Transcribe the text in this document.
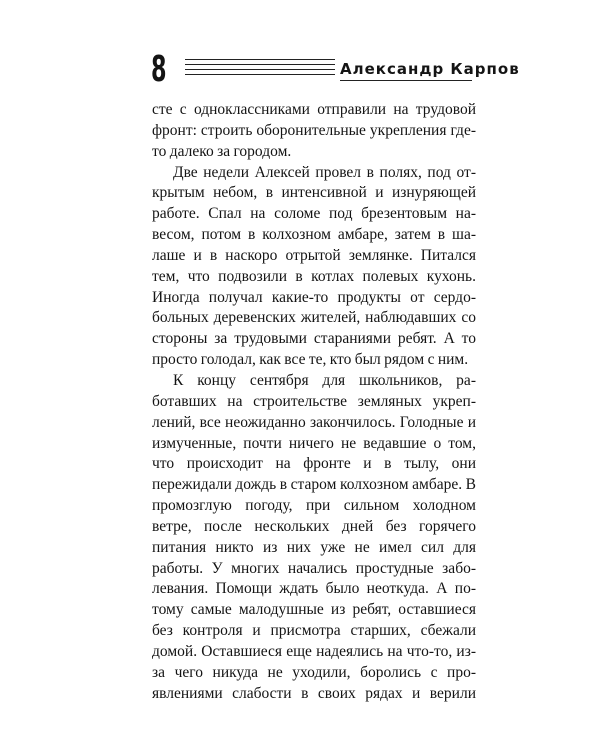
8	Александр Карпов

сте с одноклассниками отправили на трудовой фронт: строить оборонительные укрепления где-то далеко за городом.

Две недели Алексей провел в полях, под открытым небом, в интенсивной и изнуряющей работе. Спал на соломе под брезентовым навесом, потом в колхозном амбаре, затем в шалаше и в наскоро отрытой землянке. Питался тем, что подвозили в котлах полевых кухонь. Иногда получал какие-то продукты от сердобольных деревенских жителей, наблюдавших со стороны за трудовыми стараниями ребят. А то просто голодал, как все те, кто был рядом с ним.

К концу сентября для школьников, работавших на строительстве земляных укреплений, все неожиданно закончилось. Голодные и измученные, почти ничего не ведавшие о том, что происходит на фронте и в тылу, они пережидали дождь в старом колхозном амбаре. В промозглую погоду, при сильном холодном ветре, после нескольких дней без горячего питания никто из них уже не имел сил для работы. У многих начались простудные заболевания. Помощи ждать было неоткуда. А потому самые малодушные из ребят, оставшиеся без контроля и присмотра старших, сбежали домой. Оставшиеся еще надеялись на что-то, из-за чего никуда не уходили, боролись с проявлениями слабости в своих рядах и верили
